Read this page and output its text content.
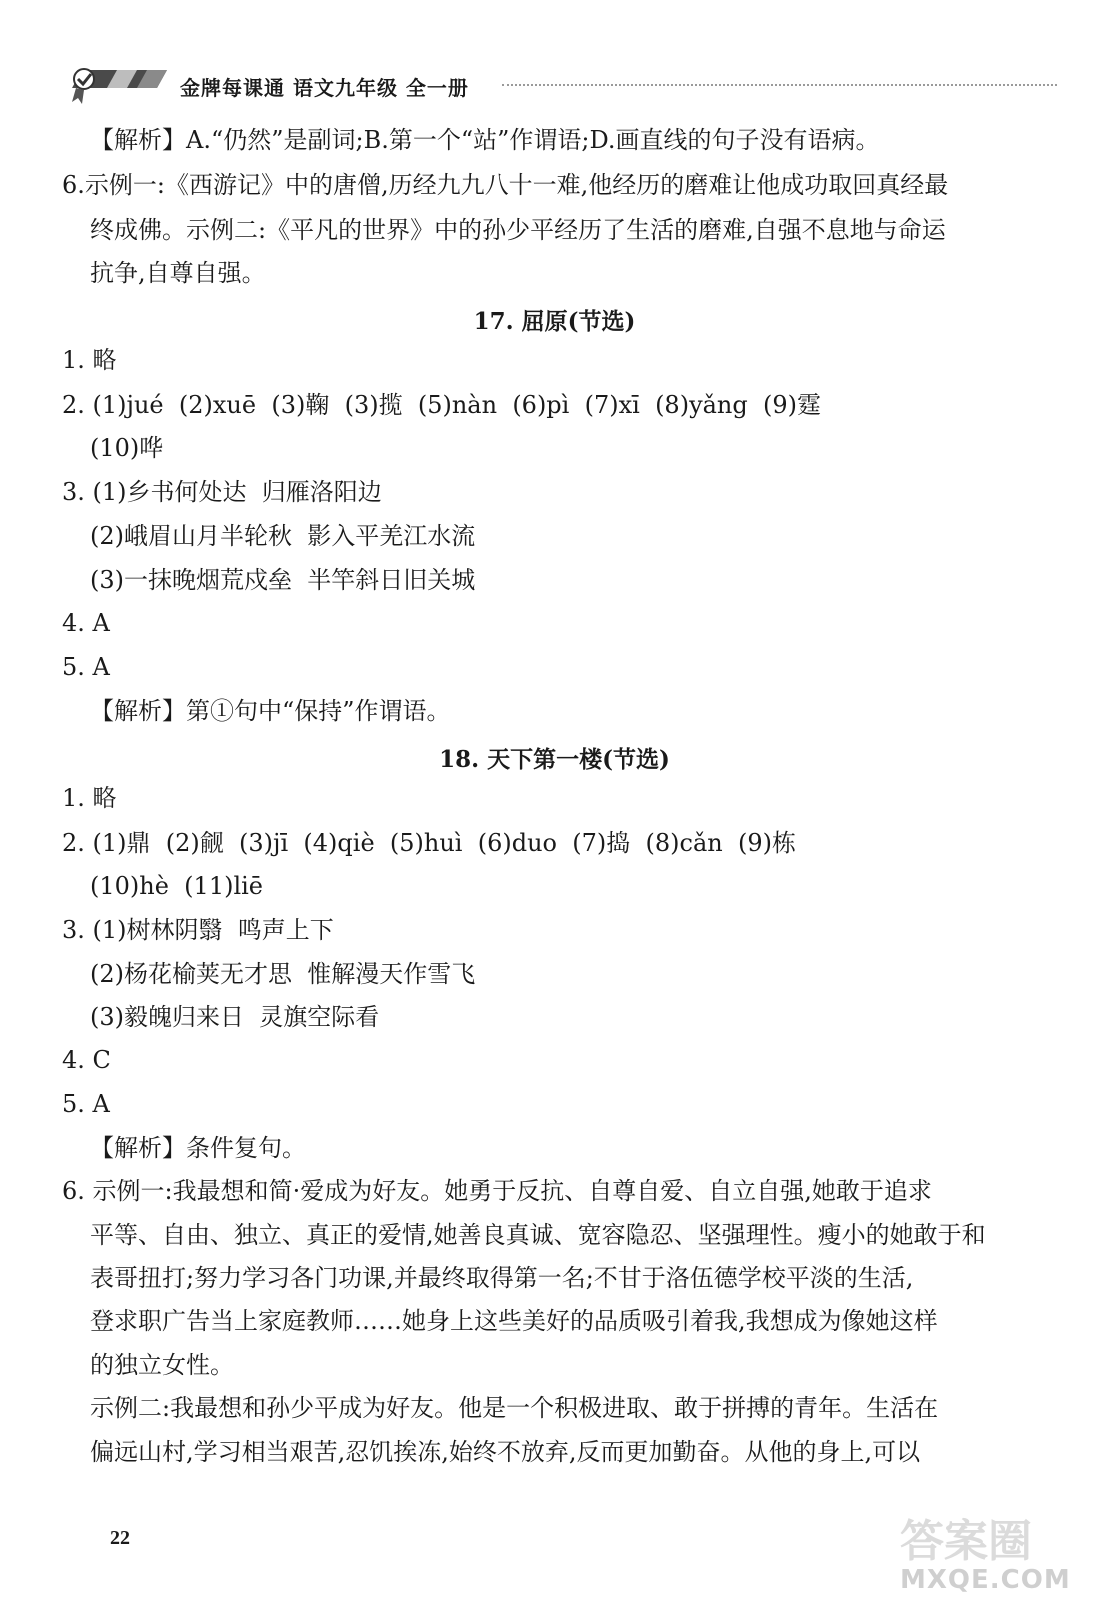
金牌每课通 语文九年级 全一册
【解析】A.“仍然”是副词;B.第一个“站”作谓语;D.画直线的句子没有语病。
6.示例一:《西游记》中的唐僧,历经九九八十一难,他经历的磨难让他成功取回真经最
终成佛。示例二:《平凡的世界》中的孙少平经历了生活的磨难,自强不息地与命运
抗争,自尊自强。
17. 屈原(节选)
1. 略
2. (1)jué  (2)xuē  (3)鞠  (3)揽  (5)nàn  (6)pì  (7)xī  (8)yǎng  (9)霆
(10)哗
3. (1)乡书何处达  归雁洛阳边
(2)峨眉山月半轮秋  影入平羌江水流
(3)一抹晚烟荒戍垒  半竿斜日旧关城
4. A
5. A
【解析】第①句中“保持”作谓语。
18. 天下第一楼(节选)
1. 略
2. (1)鼎  (2)觎  (3)jī  (4)qiè  (5)huì  (6)duo  (7)捣  (8)cǎn  (9)栋
(10)hè  (11)liē
3. (1)树林阴翳  鸣声上下
(2)杨花榆荚无才思  惟解漫天作雪飞
(3)毅魄归来日  灵旗空际看
4. C
5. A
【解析】条件复句。
6. 示例一:我最想和简·爱成为好友。她勇于反抗、自尊自爱、自立自强,她敢于追求
平等、自由、独立、真正的爱情,她善良真诚、宽容隐忍、坚强理性。瘦小的她敢于和
表哥扭打;努力学习各门功课,并最终取得第一名;不甘于洛伍德学校平淡的生活,
登求职广告当上家庭教师……她身上这些美好的品质吸引着我,我想成为像她这样
的独立女性。
示例二:我最想和孙少平成为好友。他是一个积极进取、敢于拼搏的青年。生活在
偏远山村,学习相当艰苦,忍饥挨冻,始终不放弃,反而更加勤奋。从他的身上,可以
22	答案圈
MXQE.COM
